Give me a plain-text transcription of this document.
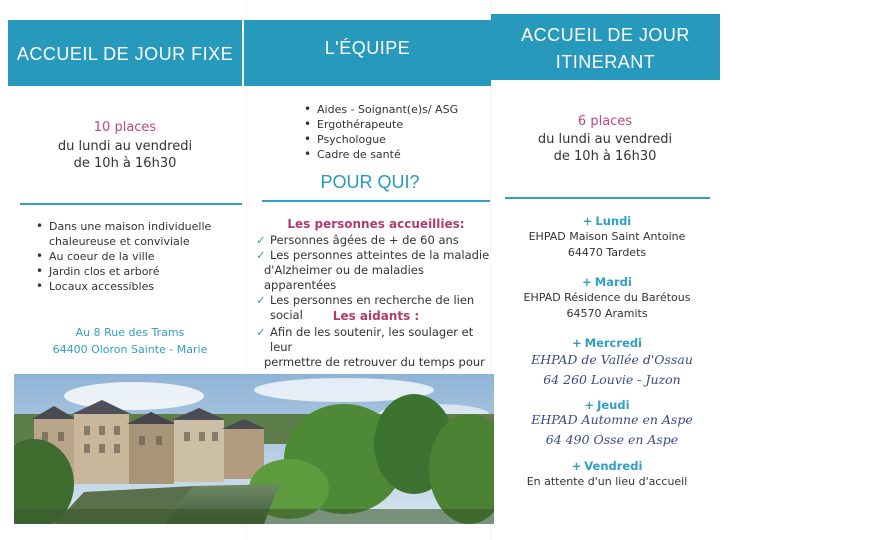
ACCUEIL DE JOUR FIXE	L'ÉQUIPE
ACCUEIL DE JOUR
ITINERANT
10 places
du lundi au vendredi
de 10h à 16h30
• Dans une maison individuelle
chaleureuse et conviviale
• Au coeur de la ville
• Jardin clos et arboré
• Locaux accessibles
Au 8 Rue des Trams
64400 Oloron Sainte - Marie
• Aides - Soignant(e)s/ ASG
• Ergothérapeute
• Psychologue
• Cadre de santé
POUR QUI?
Les personnes accueillies:
✓ Personnes âgées de + de 60 ans
✓ Les personnes atteintes de la maladie
d'Alzheimer ou de maladies apparentées
✓ Les personnes en recherche de lien social	Les aidants :
✓ Afin de les soutenir, les soulager et leur
permettre de retrouver du temps pour
6 places
du lundi au vendredi
de 10h à 16h30
+ Lundi
EHPAD Maison Saint Antoine
64470 Tardets
+ Mardi
EHPAD Résidence du Barétous
64570 Aramits
+ Mercredi
EHPAD de Vallée d'Ossau
64 260 Louvie - Juzon
+ Jeudi
EHPAD Automne en Aspe
64 490 Osse en Aspe
+ Vendredi
En attente d'un lieu d'accueil
